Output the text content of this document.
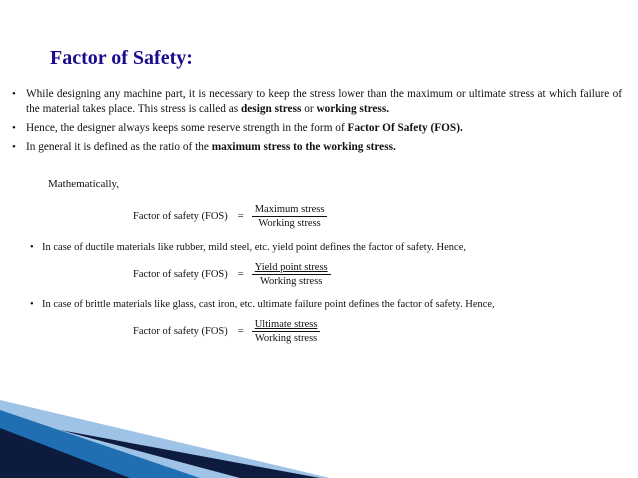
Factor of Safety:
• While designing any machine part, it is necessary to keep the stress lower than the maximum or ultimate stress at which failure of the material takes place. This stress is called as design stress or working stress.
• Hence, the designer always keeps some reserve strength in the form of Factor Of Safety (FOS).
• In general it is defined as the ratio of the maximum stress to the working stress.
Mathematically,
Factor of safety $(FOS) = \frac{\text{Maximum stress}}{\text{Working stress}}$
• In case of ductile materials like rubber, mild steel, etc. yield point defines the factor of safety. Hence,
Factor of safety $(FOS) = \frac{\text{Yield point stress}}{\text{Working stress}}$
• In case of brittle materials like glass, cast iron, etc. ultimate failure point defines the factor of safety. Hence,
Factor of safety $(FOS) = \frac{\text{Ultimate stress}}{\text{Working stress}}$
